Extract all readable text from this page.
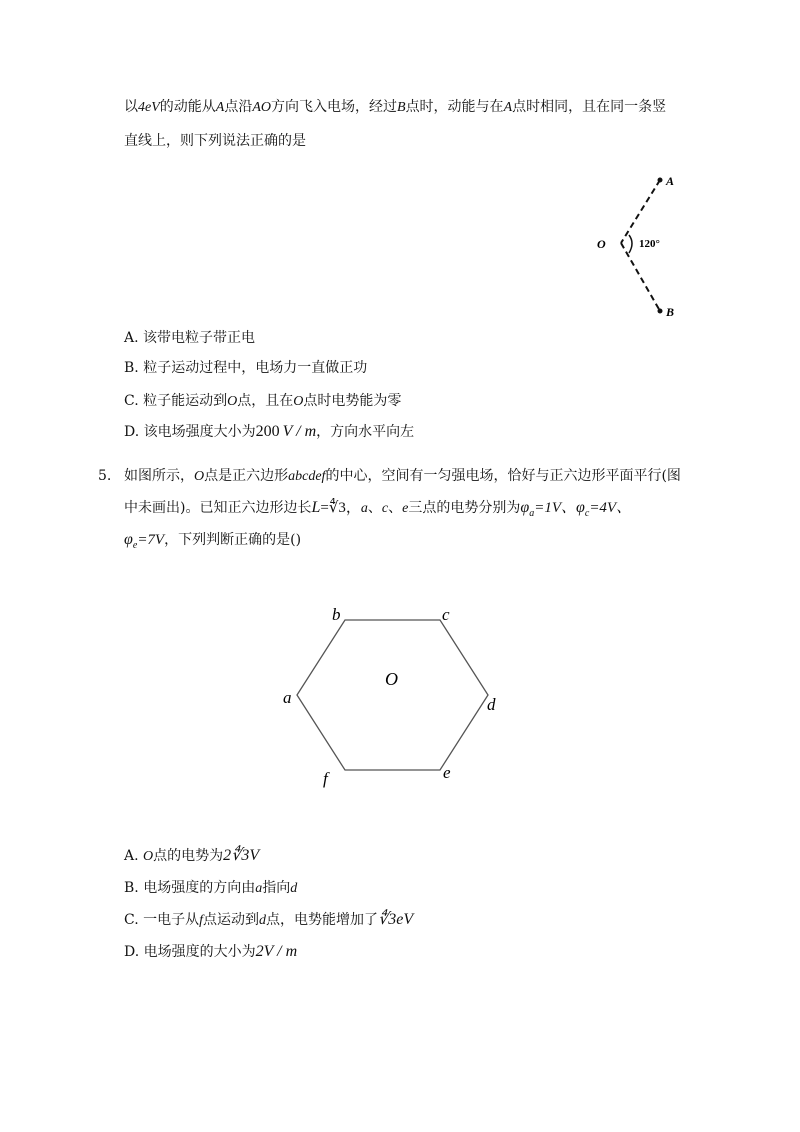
以4eV的动能从A点沿AO方向飞入电场，经过B点时，动能与在A点时相同，且在同一条竖
直线上，则下列说法正确的是
A
O
B
120°
A. 该带电粒子带正电
B. 粒子运动过程中，电场力一直做正功
C. 粒子能运动到O点，且在O点时电势能为零
D. 该电场强度大小为200 V / m，方向水平向左
5. 如图所示，O点是正六边形abcdef的中心，空间有一匀强电场，恰好与正六边形平面平行(图
中未画出)。已知正六边形边长L=∜3，a、c、e三点的电势分别为$\varphi_a=1V$、$\varphi_c=4V$、
$\varphi_e=7V$，下列判断正确的是()
b	c
a
O
d
f	e
A. O点的电势为2∜3V
B. 电场强度的方向由a指向d
C. 一电子从f点运动到d点，电势能增加了∜3eV
D. 电场强度的大小为2V / m
